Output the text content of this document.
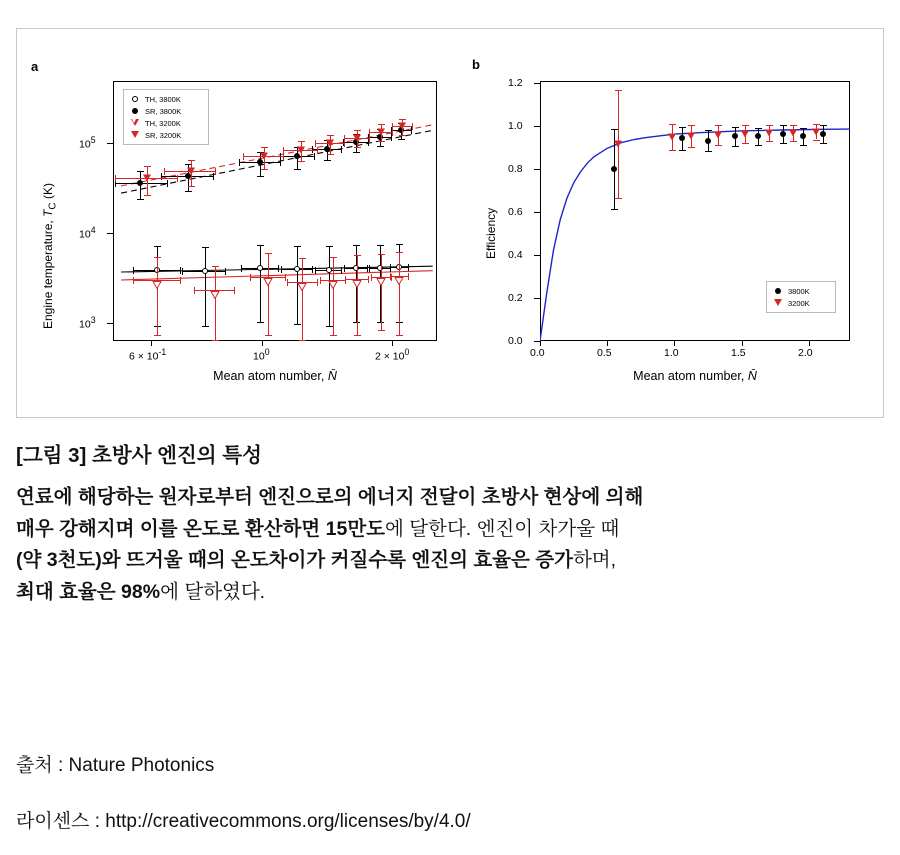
a
Engine temperature, $T_C$ (K)
$10^5$
$10^4$
$10^3$
$6 \times 10^{-1}$	$10^0$	$2 \times 10^0$
Mean atom number, N̄
TH, 3800K
SR, 3800K
TH, 3200K
SR, 3200K
b
Efficiency
0.0
0.2
0.4
0.6
0.8
1.0
1.2
0.0	0.5	1.0	1.5	2.0
Mean atom number, N̄
3800K
3200K
[그림 3] 초방사 엔진의 특성
연료에 해당하는 원자로부터 엔진으로의 에너지 전달이 초방사 현상에 의해
매우 강해지며 이를 온도로 환산하면 15만도에 달한다. 엔진이 차가울 때
(약 3천도)와 뜨거울 때의 온도차이가 커질수록 엔진의 효율은 증가하며,
최대 효율은 98%에 달하였다.
출처 : Nature Photonics
라이센스 : http://creativecommons.org/licenses/by/4.0/
